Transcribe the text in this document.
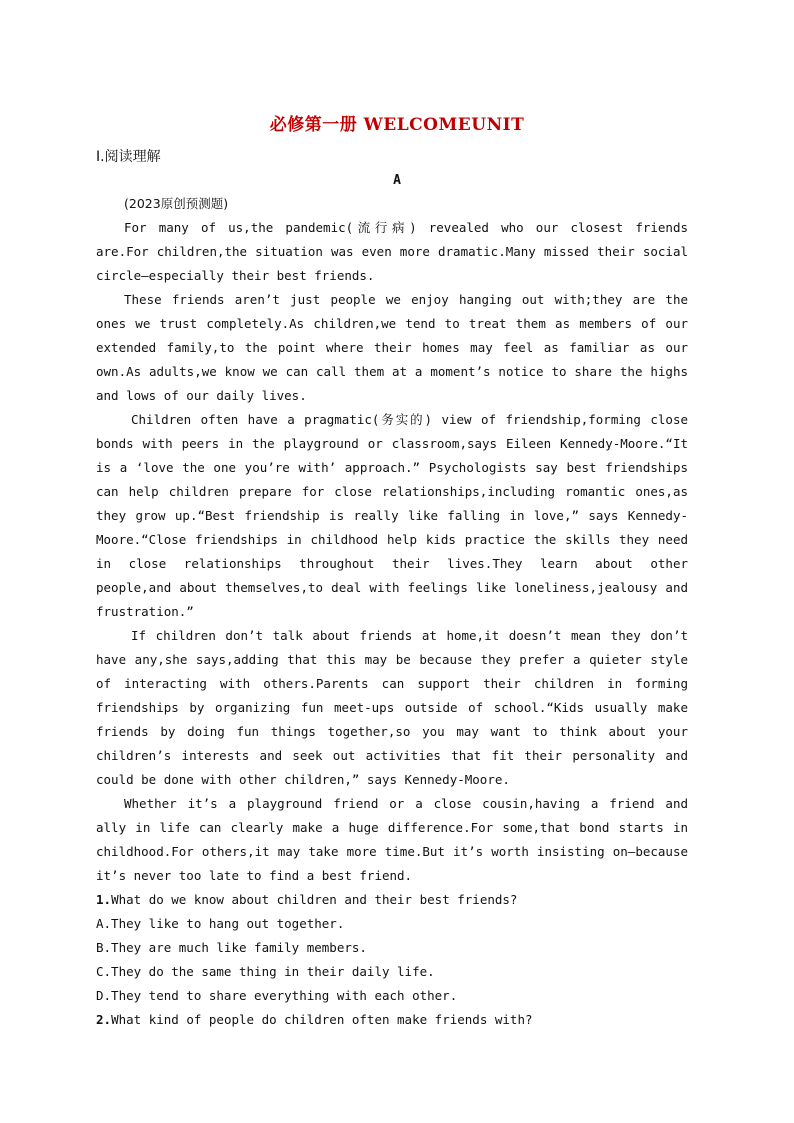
必修第一册 WELCOMEUNIT
Ⅰ.阅读理解
A

(2023原创预测题)

For many of us,the pandemic(流行病) revealed who our closest friends are.For children,the situation was even more dramatic.Many missed their social circle—especially their best friends.

These friends aren’t just people we enjoy hanging out with;they are the ones we trust completely.As children,we tend to treat them as members of our extended family,to the point where their homes may feel as familiar as our own.As adults,we know we can call them at a moment’s notice to share the highs and lows of our daily lives.

Children often have a pragmatic(务实的) view of friendship,forming close bonds with peers in the playground or classroom,says Eileen Kennedy-Moore.“It is a ‘love the one you’re with’ approach.” Psychologists say best friendships can help children prepare for close relationships,including romantic ones,as they grow up.“Best friendship is really like falling in love,” says Kennedy-Moore.“Close friendships in childhood help kids practice the skills they need in close relationships throughout their lives.They learn about other people,and about themselves,to deal with feelings like loneliness,jealousy and frustration.”

If children don’t talk about friends at home,it doesn’t mean they don’t have any,she says,adding that this may be because they prefer a quieter style of interacting with others.Parents can support their children in forming friendships by organizing fun meet-ups outside of school.“Kids usually make friends by doing fun things together,so you may want to think about your children’s interests and seek out activities that fit their personality and could be done with other children,” says Kennedy-Moore.

Whether it’s a playground friend or a close cousin,having a friend and ally in life can clearly make a huge difference.For some,that bond starts in childhood.For others,it may take more time.But it’s worth insisting on—because it’s never too late to find a best friend.

1.What do we know about children and their best friends?

A.They like to hang out together.

B.They are much like family members.

C.They do the same thing in their daily life.

D.They tend to share everything with each other.

2.What kind of people do children often make friends with?
